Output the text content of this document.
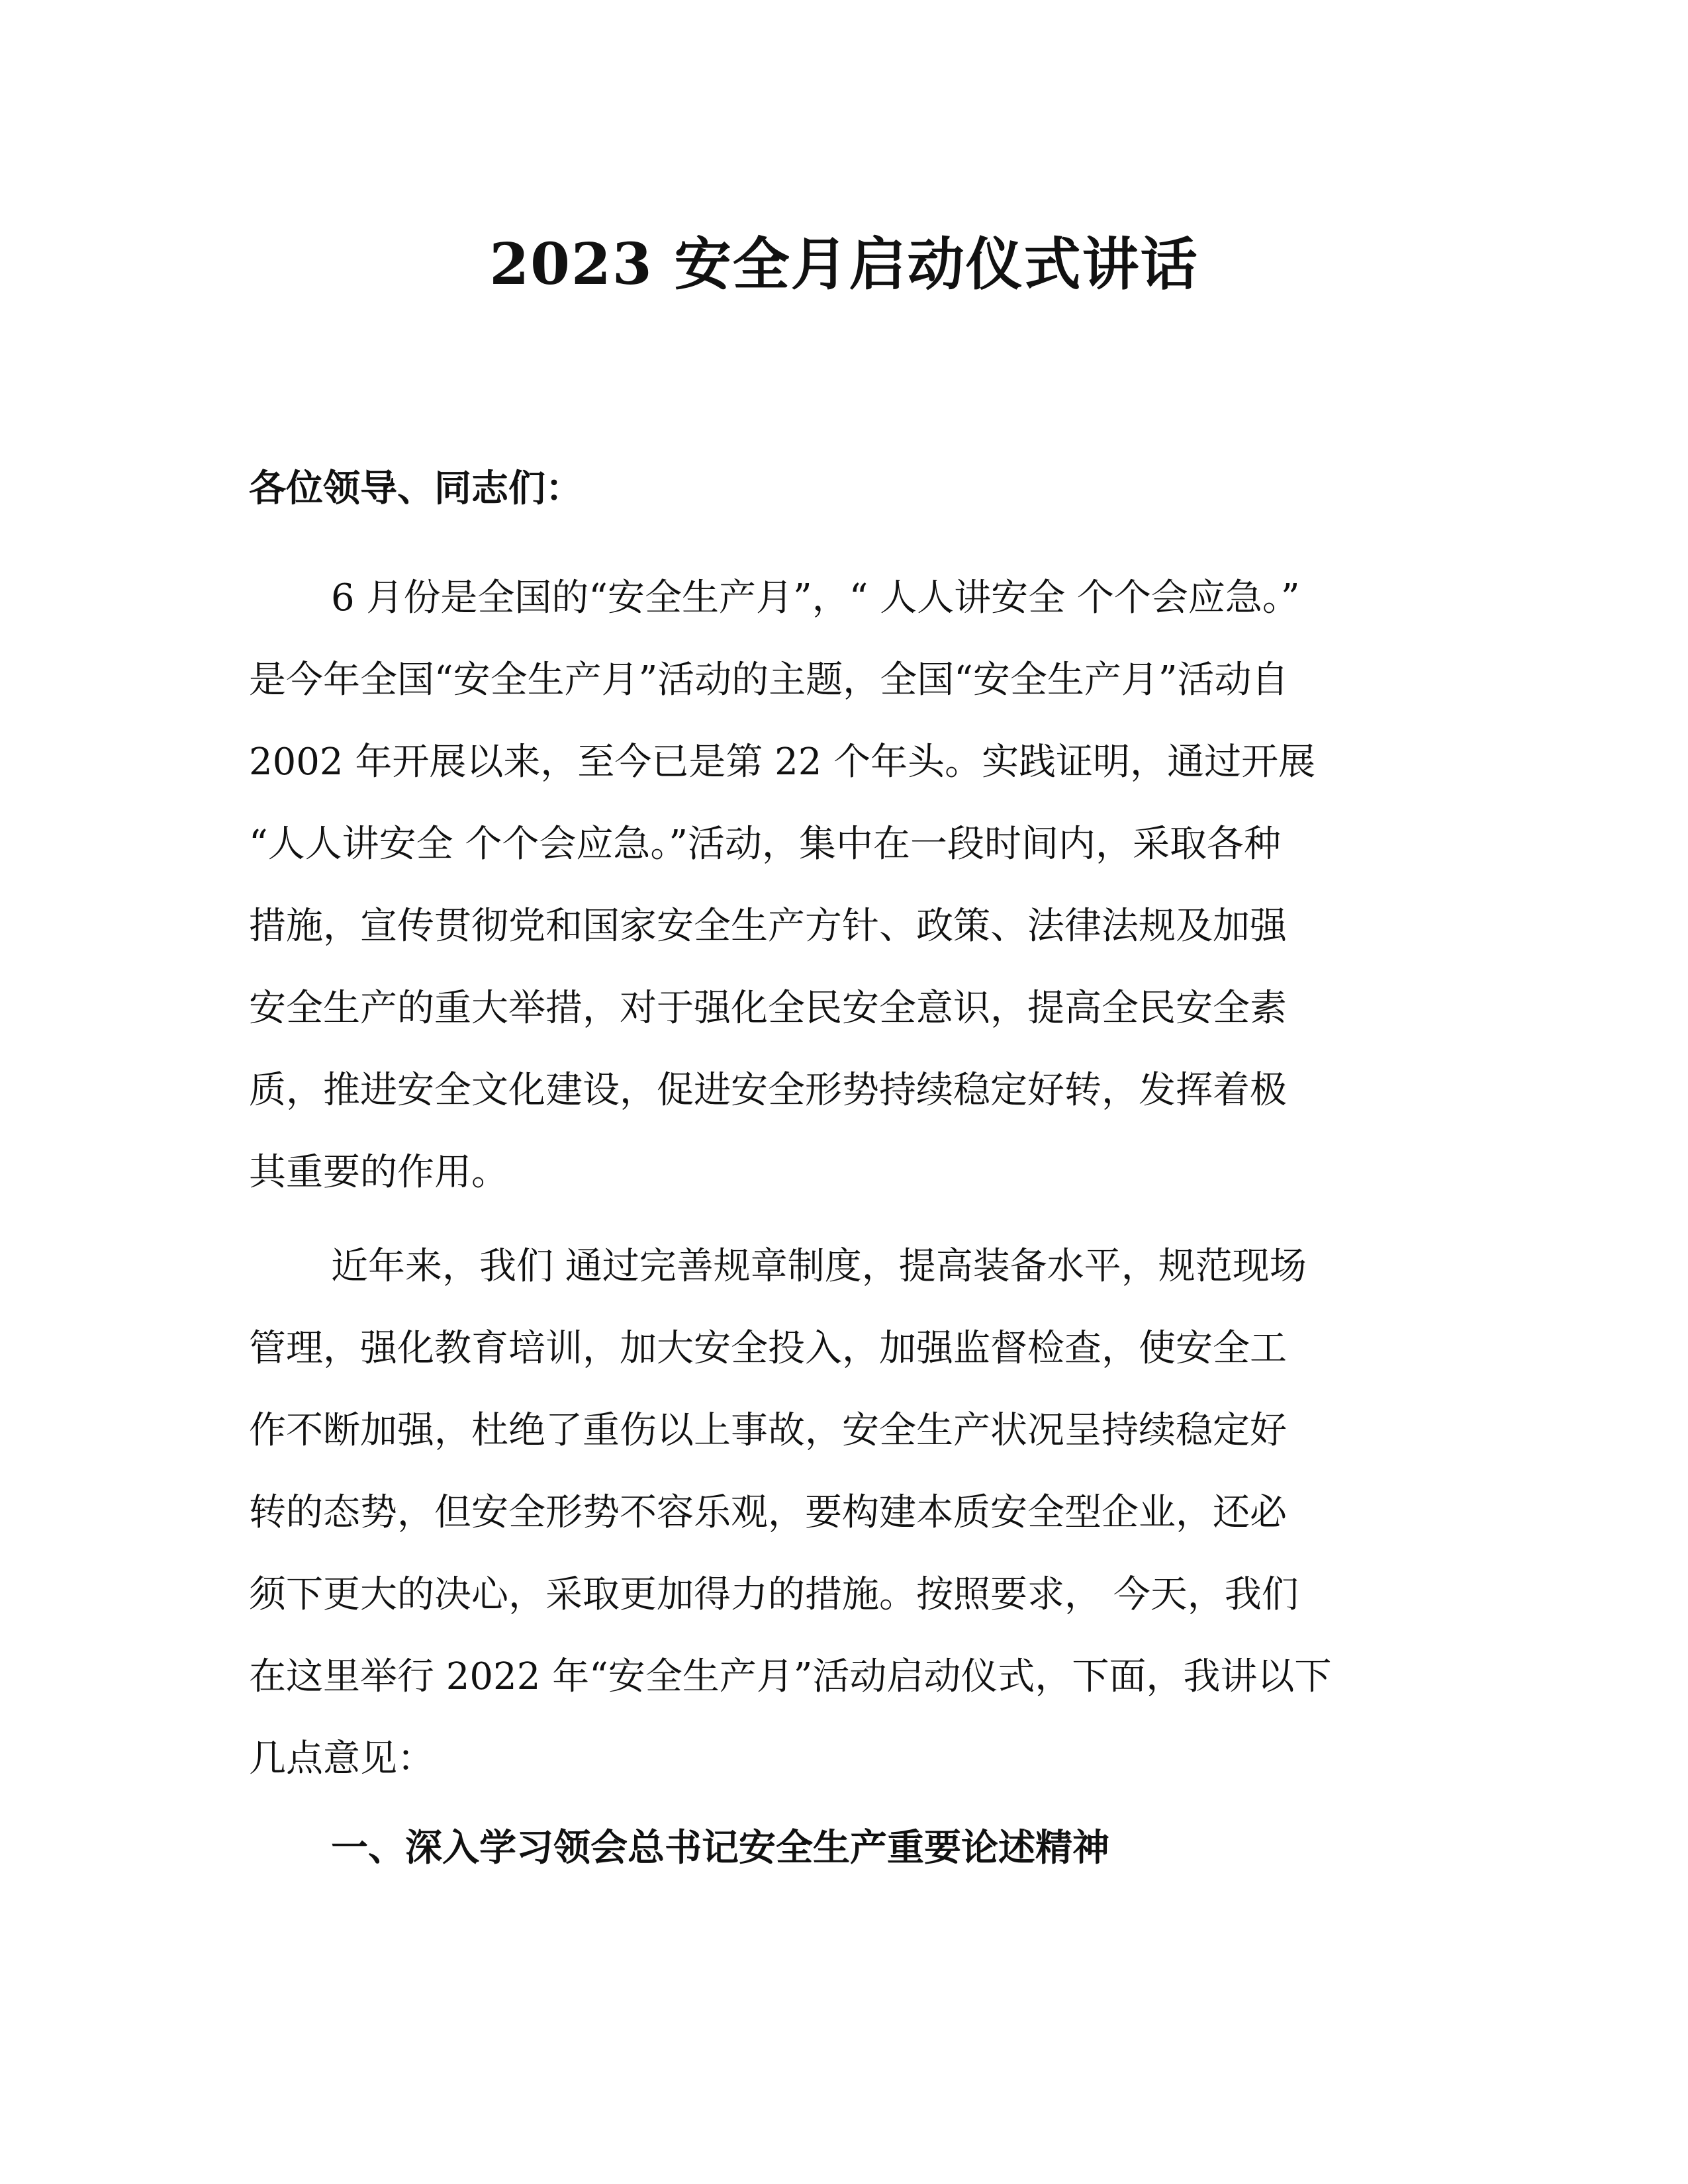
2023 安全月启动仪式讲话
各位领导、同志们：
6 月份是全国的“安全生产月”，“ 人人讲安全 个个会应急。”
是今年全国“安全生产月”活动的主题，全国“安全生产月”活动自
2002 年开展以来，至今已是第 22 个年头。实践证明，通过开展
“人人讲安全 个个会应急。”活动，集中在一段时间内，采取各种
措施，宣传贯彻党和国家安全生产方针、政策、法律法规及加强
安全生产的重大举措，对于强化全民安全意识，提高全民安全素
质，推进安全文化建设，促进安全形势持续稳定好转，发挥着极
其重要的作用。
近年来，我们 通过完善规章制度，提高装备水平，规范现场
管理，强化教育培训，加大安全投入，加强监督检查，使安全工
作不断加强，杜绝了重伤以上事故，安全生产状况呈持续稳定好
转的态势，但安全形势不容乐观，要构建本质安全型企业，还必
须下更大的决心，采取更加得力的措施。按照要求， 今天，我们
在这里举行 2022 年“安全生产月”活动启动仪式，下面，我讲以下
几点意见：
一、深入学习领会总书记安全生产重要论述精神
